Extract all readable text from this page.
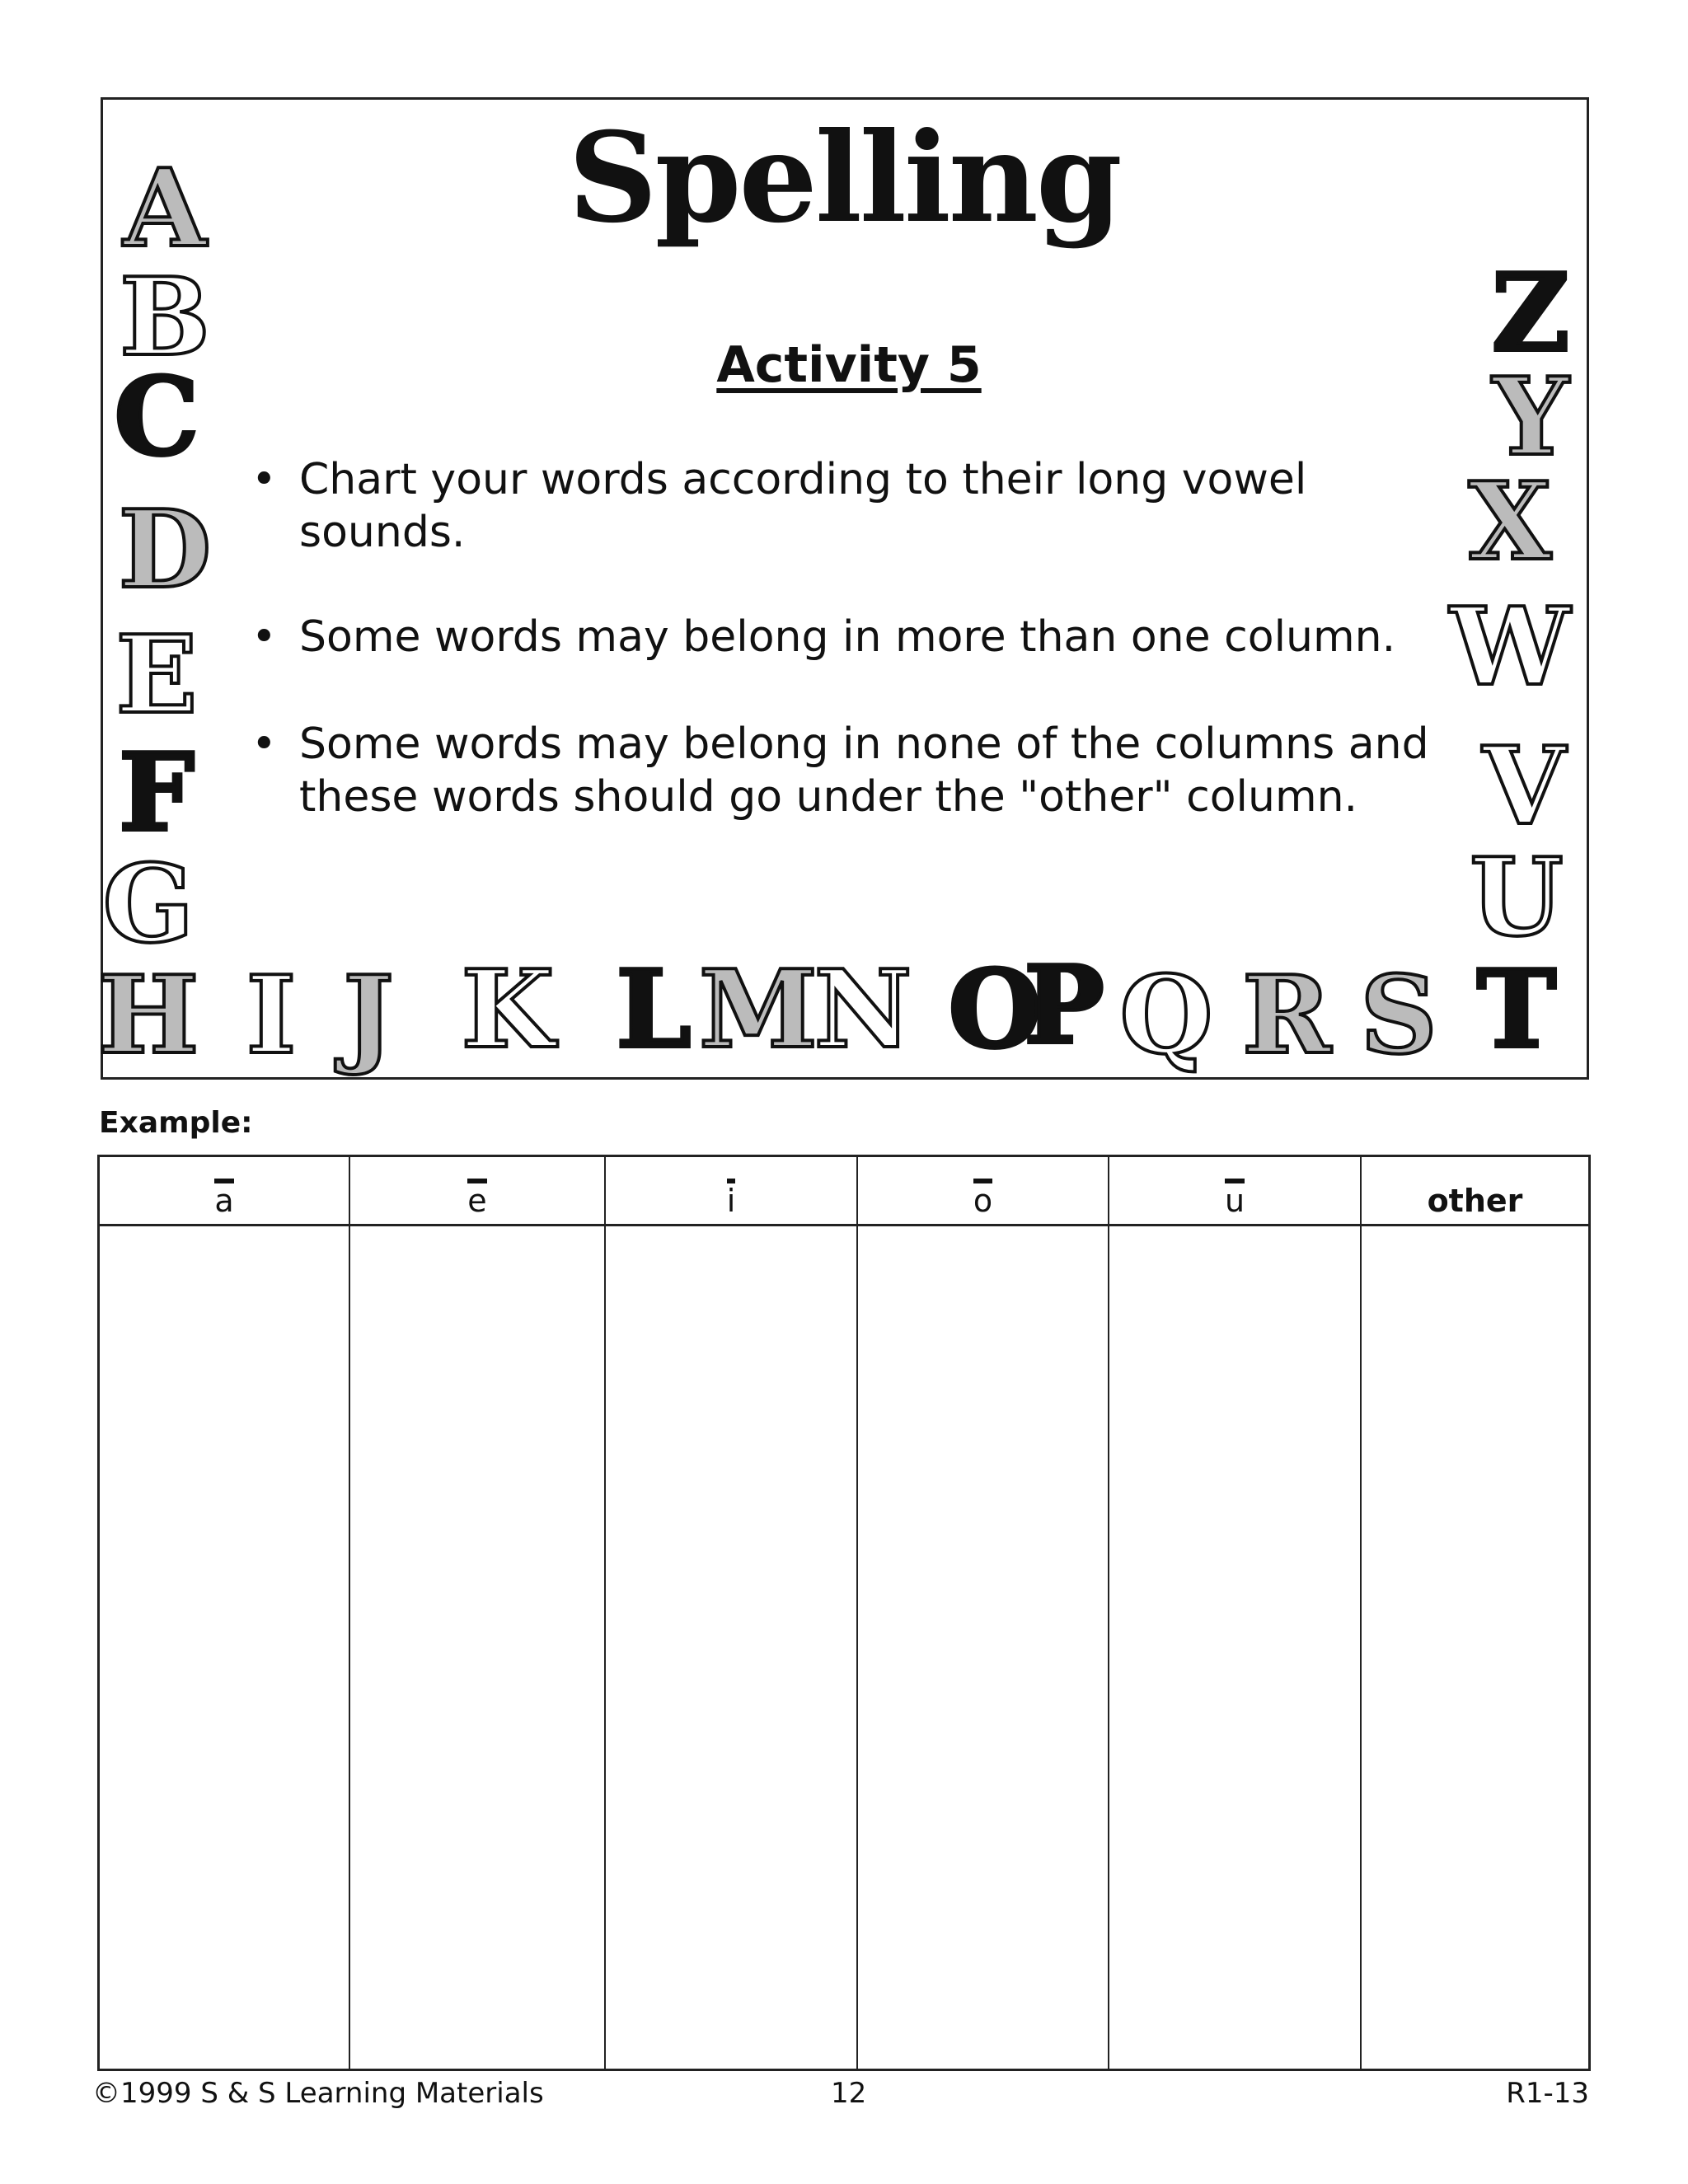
Spelling
Activity 5
• Chart your words according to their long vowel sounds.
• Some words may belong in more than one column.
• Some words may belong in none of the columns and these words should go under the "other" column.
A
B
C
D
E
F
G
H I J K L M
N O
P Q R S T
U
V
W
X
Y
Z
Example:
a	e	i	o	u	other

©1999 S & S Learning Materials	12	R1-13
